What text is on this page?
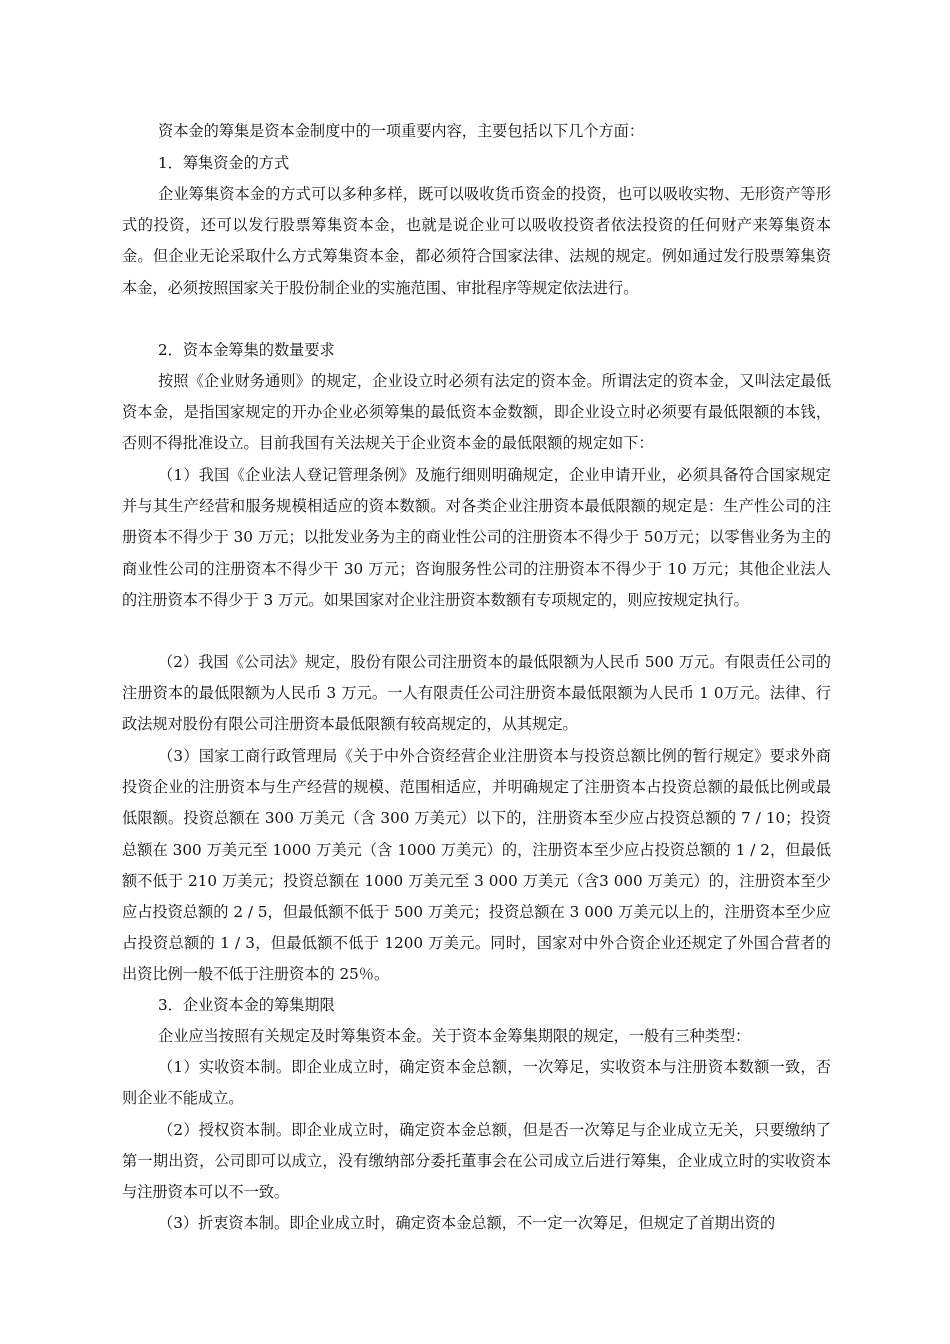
资本金的筹集是资本金制度中的一项重要内容，主要包括以下几个方面：

1．筹集资金的方式

企业筹集资本金的方式可以多种多样，既可以吸收货币资金的投资，也可以吸收实物、无形资产等形式的投资，还可以发行股票筹集资本金，也就是说企业可以吸收投资者依法投资的任何财产来筹集资本金。但企业无论采取什么方式筹集资本金，都必须符合国家法律、法规的规定。例如通过发行股票筹集资本金，必须按照国家关于股份制企业的实施范围、审批程序等规定依法进行。

2．资本金筹集的数量要求

按照《企业财务通则》的规定，企业设立时必须有法定的资本金。所谓法定的资本金，又叫法定最低资本金，是指国家规定的开办企业必须筹集的最低资本金数额，即企业设立时必须要有最低限额的本钱，否则不得批准设立。目前我国有关法规关于企业资本金的最低限额的规定如下：

（1）我国《企业法人登记管理条例》及施行细则明确规定，企业申请开业，必须具备符合国家规定并与其生产经营和服务规模相适应的资本数额。对各类企业注册资本最低限额的规定是：生产性公司的注册资本不得少于 30 万元；以批发业务为主的商业性公司的注册资本不得少于 50万元；以零售业务为主的商业性公司的注册资本不得少干 30 万元；咨询服务性公司的注册资本不得少于 10 万元；其他企业法人的注册资本不得少于 3 万元。如果国家对企业注册资本数额有专项规定的，则应按规定执行。

（2）我国《公司法》规定，股份有限公司注册资本的最低限额为人民币 500 万元。有限责任公司的注册资本的最低限额为人民币 3 万元。一人有限责任公司注册资本最低限额为人民币 1 0万元。法律、行政法规对股份有限公司注册资本最低限额有较高规定的，从其规定。

（3）国家工商行政管理局《关于中外合资经营企业注册资本与投资总额比例的暂行规定》要求外商投资企业的注册资本与生产经营的规模、范围相适应，并明确规定了注册资本占投资总额的最低比例或最低限额。投资总额在 300 万美元（含 300 万美元）以下的，注册资本至少应占投资总额的 7 / 10；投资总额在 300 万美元至 1000 万美元（含 1000 万美元）的，注册资本至少应占投资总额的 1 / 2，但最低额不低于 210 万美元；投资总额在 1000 万美元至 3 000 万美元（含3 000 万美元）的，注册资本至少应占投资总额的 2 / 5，但最低额不低于 500 万美元；投资总额在 3 000 万美元以上的，注册资本至少应占投资总额的 1 / 3，但最低额不低于 1200 万美元。同时，国家对中外合资企业还规定了外国合营者的出资比例一般不低于注册资本的 25％。

3．企业资本金的筹集期限

企业应当按照有关规定及时筹集资本金。关于资本金筹集期限的规定，一般有三种类型：

（1）实收资本制。即企业成立时，确定资本金总额，一次筹足，实收资本与注册资本数额一致，否则企业不能成立。

（2）授权资本制。即企业成立时，确定资本金总额，但是否一次筹足与企业成立无关，只要缴纳了第一期出资，公司即可以成立，没有缴纳部分委托董事会在公司成立后进行筹集，企业成立时的实收资本与注册资本可以不一致。

（3）折衷资本制。即企业成立时，确定资本金总额，不一定一次筹足，但规定了首期出资的
